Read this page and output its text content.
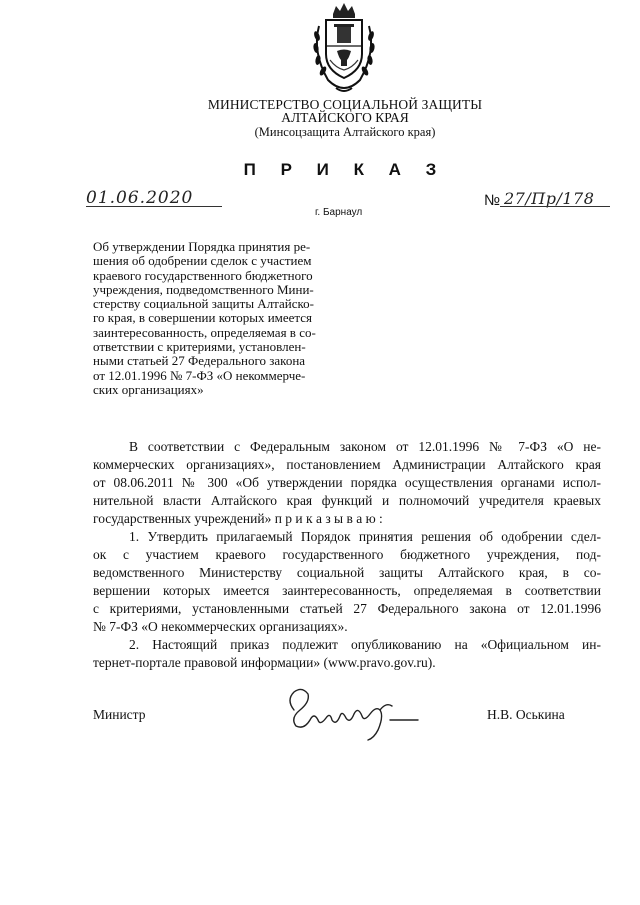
МИНИСТЕРСТВО СОЦИАЛЬНОЙ ЗАЩИТЫ
АЛТАЙСКОГО КРАЯ
(Минсоцзащита Алтайского края)
П Р И К А З
01.06.2020	№ 27/Пр/178
г. Барнаул
Об утверждении Порядка принятия ре-
шения об одобрении сделок с участием
краевого государственного бюджетного
учреждения, подведомственного Мини-
стерству социальной защиты Алтайско-
го края, в совершении которых имеется
заинтересованность, определяемая в со-
ответствии с критериями, установлен-
ными статьей 27 Федерального закона
от 12.01.1996 № 7-ФЗ «О некоммерче-
ских организациях»
В соответствии с Федеральным законом от 12.01.1996 № 7-ФЗ «О не-
коммерческих организациях», постановлением Администрации Алтайского края
от 08.06.2011 № 300 «Об утверждении порядка осуществления органами испол-
нительной власти Алтайского края функций и полномочий учредителя краевых
государственных учреждений» п р и к а з ы в а ю :
1. Утвердить прилагаемый Порядок принятия решения об одобрении сдел-
ок с участием краевого государственного бюджетного учреждения, под-
ведомственного Министерству социальной защиты Алтайского края, в со-
вершении которых имеется заинтересованность, определяемая в соответствии
с критериями, установленными статьей 27 Федерального закона от 12.01.1996
№ 7-ФЗ «О некоммерческих организациях».
2. Настоящий приказ подлежит опубликованию на «Официальном ин-
тернет-портале правовой информации» (www.pravo.gov.ru).
Министр	Н.В. Оськина
